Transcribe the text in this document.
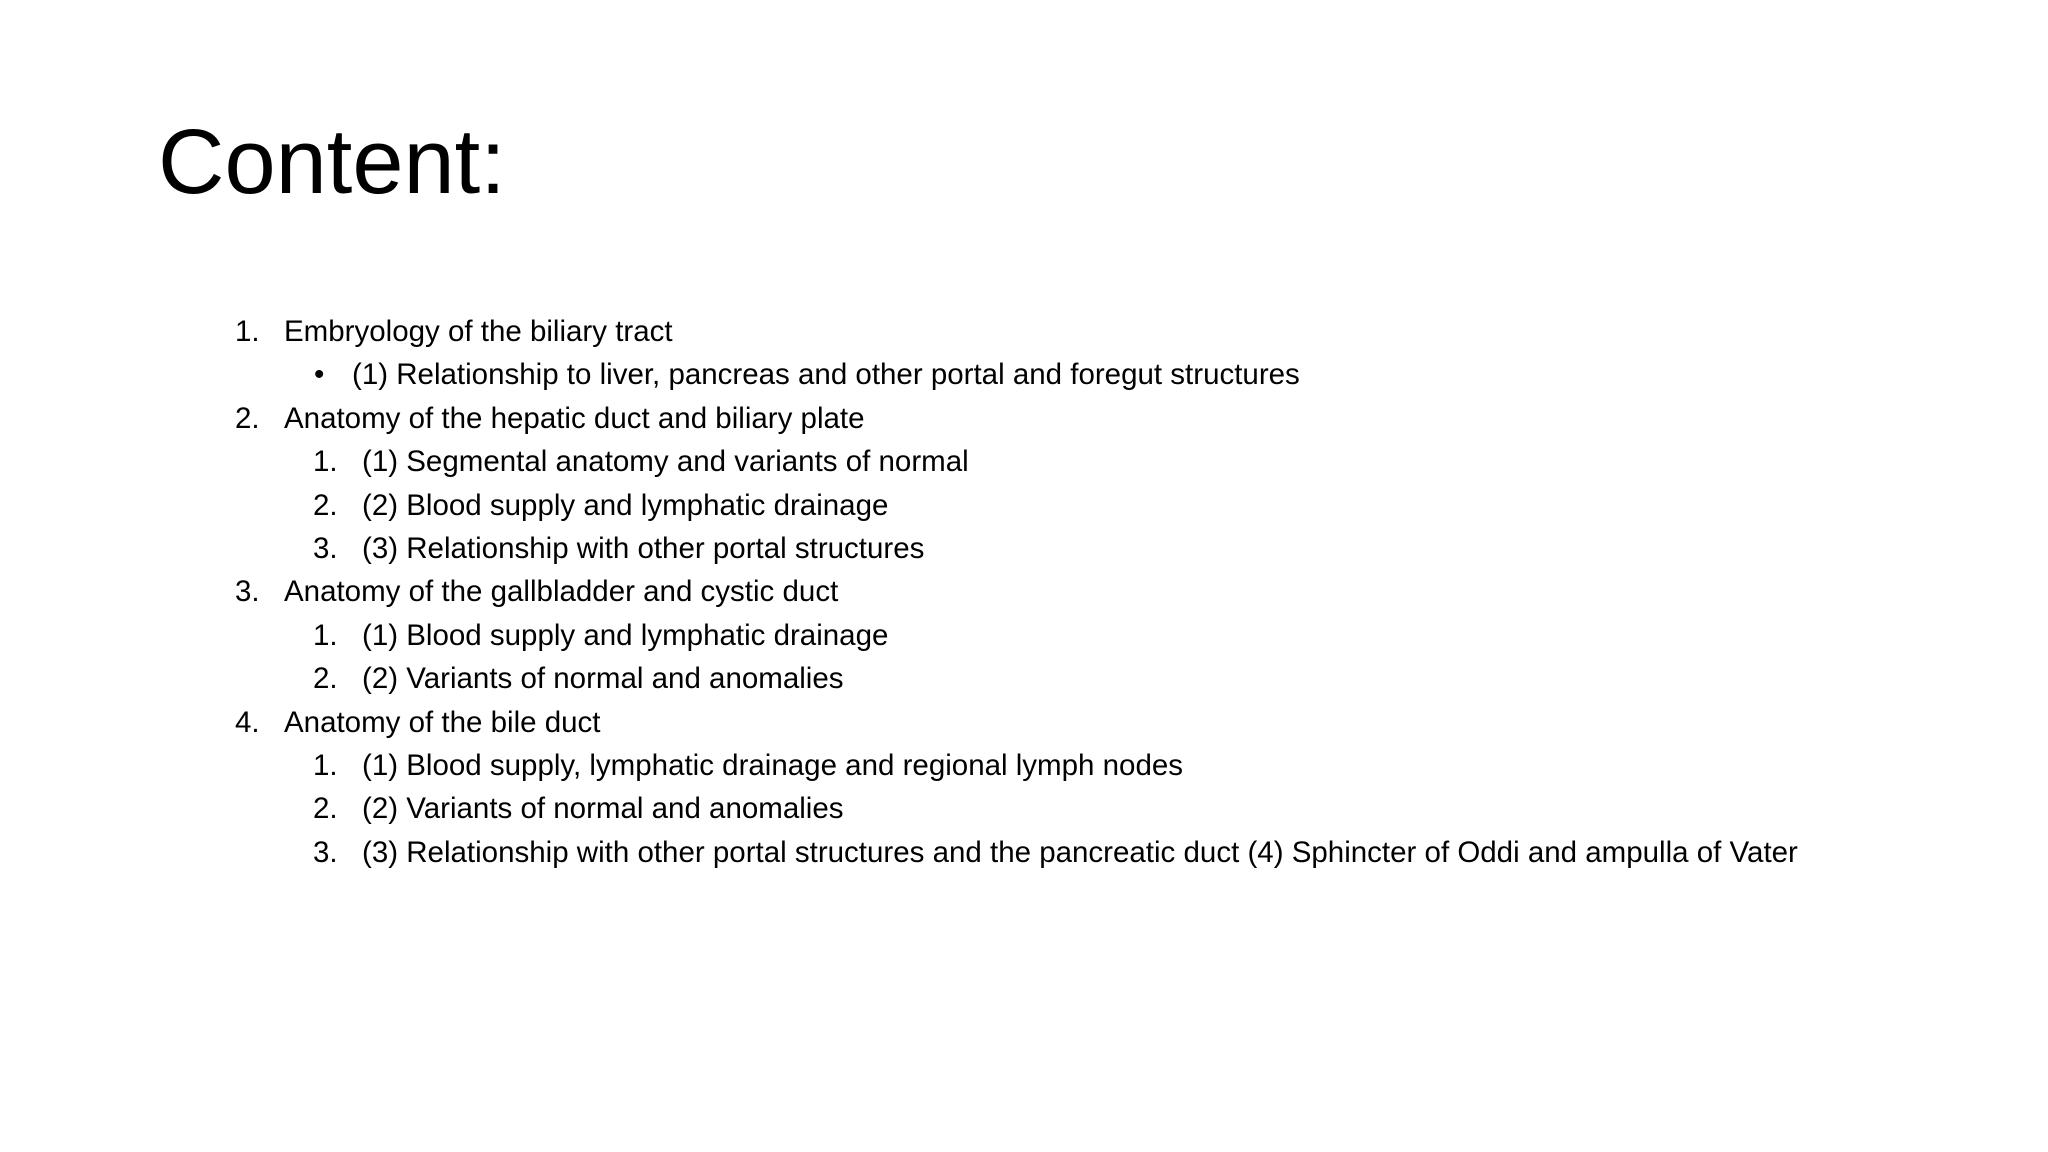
Content:
1. Embryology of the biliary tract
• (1) Relationship to liver, pancreas and other portal and foregut structures
2. Anatomy of the hepatic duct and biliary plate
1. (1) Segmental anatomy and variants of normal
2. (2) Blood supply and lymphatic drainage
3. (3) Relationship with other portal structures
3. Anatomy of the gallbladder and cystic duct
1. (1) Blood supply and lymphatic drainage
2. (2) Variants of normal and anomalies
4. Anatomy of the bile duct
1. (1) Blood supply, lymphatic drainage and regional lymph nodes
2. (2) Variants of normal and anomalies
3. (3) Relationship with other portal structures and the pancreatic duct (4) Sphincter of Oddi and ampulla of Vater
